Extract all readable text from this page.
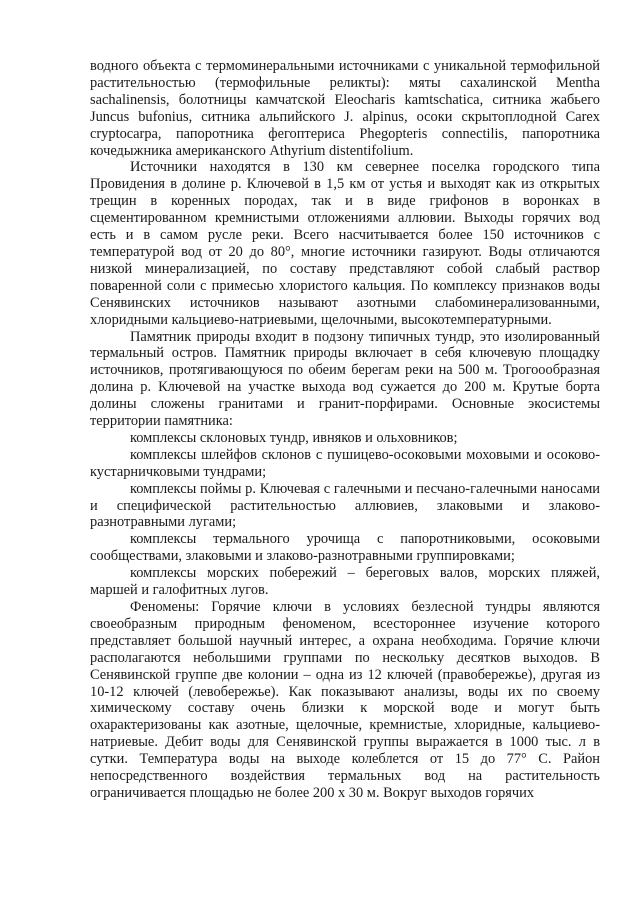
водного объекта с термоминеральными источниками с уникальной термофильной растительностью (термофильные реликты): мяты сахалинской Mentha sachalinensis, болотницы камчатской Eleocharis kamtschatica, ситника жабьего Juncus bufonius, ситника альпийского J. alpinus, осоки скрытоплодной Carex cryptocarpa, папоротника фегоптериса Phegopteris connectilis, папоротника кочедыжника американского Athyrium distentifolium.

Источники находятся в 130 км севернее поселка городского типа Провидения в долине р. Ключевой в 1,5 км от устья и выходят как из открытых трещин в коренных породах, так и в виде грифонов в воронках в сцементированном кремнистыми отложениями аллювии. Выходы горячих вод есть и в самом русле реки. Всего насчитывается более 150 источников с температурой вод от 20 до 80°, многие источники газируют. Воды отличаются низкой минерализацией, по составу представляют собой слабый раствор поваренной соли с примесью хлористого кальция. По комплексу признаков воды Сенявинских источников называют азотными слабоминерализованными, хлоридными кальциево-натриевыми, щелочными, высокотемпературными.

Памятник природы входит в подзону типичных тундр, это изолированный термальный остров. Памятник природы включает в себя ключевую площадку источников, протягивающуюся по обеим берегам реки на 500 м. Трогоообразная долина р. Ключевой на участке выхода вод сужается до 200 м. Крутые борта долины сложены гранитами и гранит-порфирами. Основные экосистемы территории памятника:

комплексы склоновых тундр, ивняков и ольховников;

комплексы шлейфов склонов с пушицево-осоковыми моховыми и осоково-кустарничковыми тундрами;

комплексы поймы р. Ключевая с галечными и песчано-галечными наносами и специфической растительностью аллювиев, злаковыми и злаково-разнотравными лугами;

комплексы термального урочища с папоротниковыми, осоковыми сообществами, злаковыми и злаково-разнотравными группировками;

комплексы морских побережий – береговых валов, морских пляжей, маршей и галофитных лугов.

Феномены: Горячие ключи в условиях безлесной тундры являются своеобразным природным феноменом, всестороннее изучение которого представляет большой научный интерес, а охрана необходима. Горячие ключи располагаются небольшими группами по нескольку десятков выходов. В Сенявинской группе две колонии – одна из 12 ключей (правобережье), другая из 10-12 ключей (левобережье). Как показывают анализы, воды их по своему химическому составу очень близки к морской воде и могут быть охарактеризованы как азотные, щелочные, кремнистые, хлоридные, кальциево-натриевые. Дебит воды для Сенявинской группы выражается в 1000 тыс. л в сутки. Температура воды на выходе колеблется от 15 до 77° С. Район непосредственного воздействия термальных вод на растительность ограничивается площадью не более 200 х 30 м. Вокруг выходов горячих
